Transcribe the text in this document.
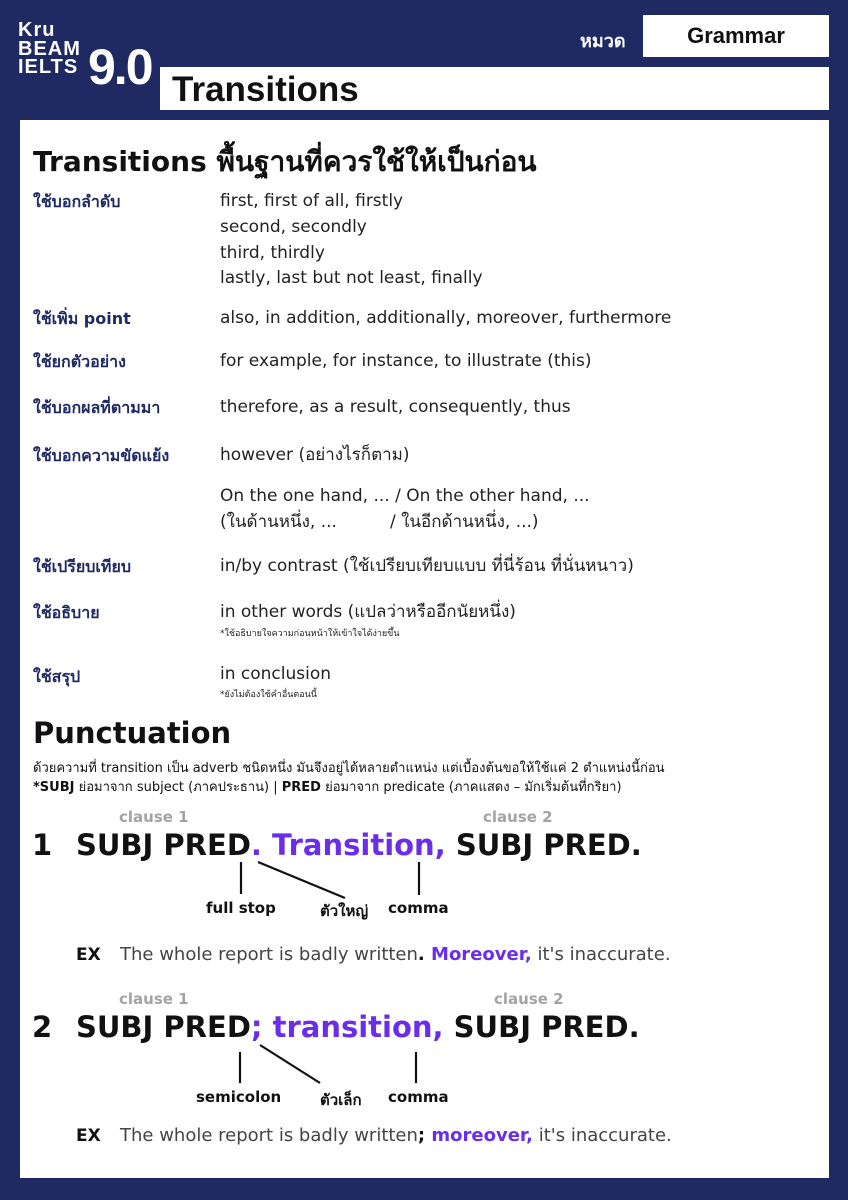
Kru
BEAM
IELTS 9.0	หมวด	Grammar
Transitions
Transitions พื้นฐานที่ควรใช้ให้เป็นก่อน
ใช้บอกลำดับ	first, first of all, firstly
second, secondly
third, thirdly
lastly, last but not least, finally
ใช้เพิ่ม point	also, in addition, additionally, moreover, furthermore
ใช้ยกตัวอย่าง	for example, for instance, to illustrate (this)
ใช้บอกผลที่ตามมา	therefore, as a result, consequently, thus
ใช้บอกความขัดแย้ง	however (อย่างไรก็ตาม)
On the one hand, ... / On the other hand, ...
(ในด้านหนึ่ง, ...	/ ในอีกด้านหนึ่ง, ...)
ใช้เปรียบเทียบ	in/by contrast (ใช้เปรียบเทียบแบบ ที่นี่ร้อน ที่นั่นหนาว)
ใช้อธิบาย	in other words (แปลว่าหรืออีกนัยหนึ่ง)
*ใช้อธิบายใจความก่อนหน้าให้เข้าใจได้ง่ายขึ้น
ใช้สรุป	in conclusion
*ยังไม่ต้องใช้คำอื่นตอนนี้
Punctuation
ด้วยความที่ transition เป็น adverb ชนิดหนึ่ง มันจึงอยู่ได้หลายตำแหน่ง แต่เบื้องต้นขอให้ใช้แค่ 2 ตำแหน่งนี้ก่อน
*SUBJ ย่อมาจาก subject (ภาคประธาน) | PRED ย่อมาจาก predicate (ภาคแสดง – มักเริ่มต้นที่กริยา)
clause 1	clause 2
1 SUBJ PRED. Transition, SUBJ PRED.
full stop	ตัวใหญ่ comma
EX The whole report is badly written. Moreover, it's inaccurate.
clause 1	clause 2
2 SUBJ PRED; transition, SUBJ PRED.
semicolon	ตัวเล็ก comma
EX The whole report is badly written; moreover, it's inaccurate.
